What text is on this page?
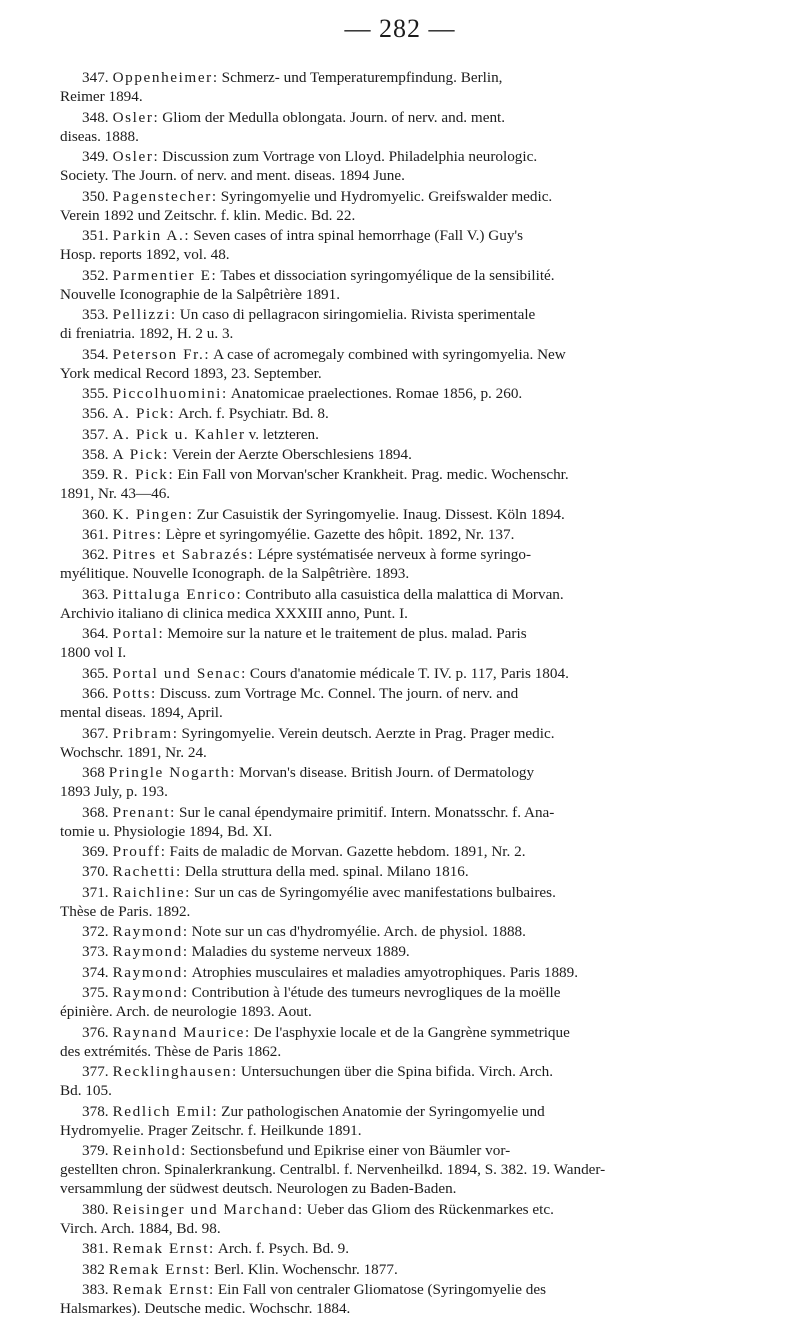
— 282 —

347. Oppenheimer: Schmerz- und Temperaturempfindung. Berlin,
Reimer 1894.

348. Osler: Gliom der Medulla oblongata. Journ. of nerv. and. ment.
diseas. 1888.

349. Osler: Discussion zum Vortrage von Lloyd. Philadelphia neurologic.
Society. The Journ. of nerv. and ment. diseas. 1894 June.

350. Pagenstecher: Syringomyelie und Hydromyelic. Greifswalder medic.
Verein 1892 und Zeitschr. f. klin. Medic. Bd. 22.

351. Parkin A.: Seven cases of intra spinal hemorrhage (Fall V.) Guy's
Hosp. reports 1892, vol. 48.

352. Parmentier E: Tabes et dissociation syringomyélique de la sensibilité.
Nouvelle Iconographie de la Salpêtrière 1891.

353. Pellizzi: Un caso di pellagracon siringomielia. Rivista sperimentale
di freniatria. 1892, H. 2 u. 3.

354. Peterson Fr.: A case of acromegaly combined with syringomyelia. New
York medical Record 1893, 23. September.

355. Piccolhuomini: Anatomicae praelectiones. Romae 1856, p. 260.

356. A. Pick: Arch. f. Psychiatr. Bd. 8.

357. A. Pick u. Kahler v. letzteren.

358. A Pick: Verein der Aerzte Oberschlesiens 1894.

359. R. Pick: Ein Fall von Morvan'scher Krankheit. Prag. medic. Wochenschr.
1891, Nr. 43—46.

360. K. Pingen: Zur Casuistik der Syringomyelie. Inaug. Dissest. Köln 1894.

361. Pitres: Lèpre et syringomyélie. Gazette des hôpit. 1892, Nr. 137.

362. Pitres et Sabrazés: Lépre systématisée nerveux à forme syringo-
myélitique. Nouvelle Iconograph. de la Salpêtrière. 1893.

363. Pittaluga Enrico: Contributo alla casuistica della malattica di Morvan.
Archivio italiano di clinica medica XXXIII anno, Punt. I.

364. Portal: Memoire sur la nature et le traitement de plus. malad. Paris
1800 vol I.

365. Portal und Senac: Cours d'anatomie médicale T. IV. p. 117, Paris 1804.

366. Potts: Discuss. zum Vortrage Mc. Connel. The journ. of nerv. and
mental diseas. 1894, April.

367. Pribram: Syringomyelie. Verein deutsch. Aerzte in Prag. Prager medic.
Wochschr. 1891, Nr. 24.

368 Pringle Nogarth: Morvan's disease. British Journ. of Dermatology
1893 July, p. 193.

368. Prenant: Sur le canal épendymaire primitif. Intern. Monatsschr. f. Ana-
tomie u. Physiologie 1894, Bd. XI.

369. Prouff: Faits de maladic de Morvan. Gazette hebdom. 1891, Nr. 2.

370. Rachetti: Della struttura della med. spinal. Milano 1816.

371. Raichline: Sur un cas de Syringomyélie avec manifestations bulbaires.
Thèse de Paris. 1892.

372. Raymond: Note sur un cas d'hydromyélie. Arch. de physiol. 1888.

373. Raymond: Maladies du systeme nerveux 1889.

374. Raymond: Atrophies musculaires et maladies amyotrophiques. Paris 1889.

375. Raymond: Contribution à l'étude des tumeurs nevrogliques de la moëlle
épinière. Arch. de neurologie 1893. Aout.

376. Raynand Maurice: De l'asphyxie locale et de la Gangrène symmetrique
des extrémités. Thèse de Paris 1862.

377. Recklinghausen: Untersuchungen über die Spina bifida. Virch. Arch.
Bd. 105.

378. Redlich Emil: Zur pathologischen Anatomie der Syringomyelie und
Hydromyelie. Prager Zeitschr. f. Heilkunde 1891.

379. Reinhold: Sectionsbefund und Epikrise einer von Bäumler vor-
gestellten chron. Spinalerkrankung. Centralbl. f. Nervenheilkd. 1894, S. 382. 19. Wander-
versammlung der südwest deutsch. Neurologen zu Baden-Baden.

380. Reisinger und Marchand: Ueber das Gliom des Rückenmarkes etc.
Virch. Arch. 1884, Bd. 98.

381. Remak Ernst: Arch. f. Psych. Bd. 9.

382 Remak Ernst: Berl. Klin. Wochenschr. 1877.

383. Remak Ernst: Ein Fall von centraler Gliomatose (Syringomyelie des
Halsmarkes). Deutsche medic. Wochschr. 1884.
